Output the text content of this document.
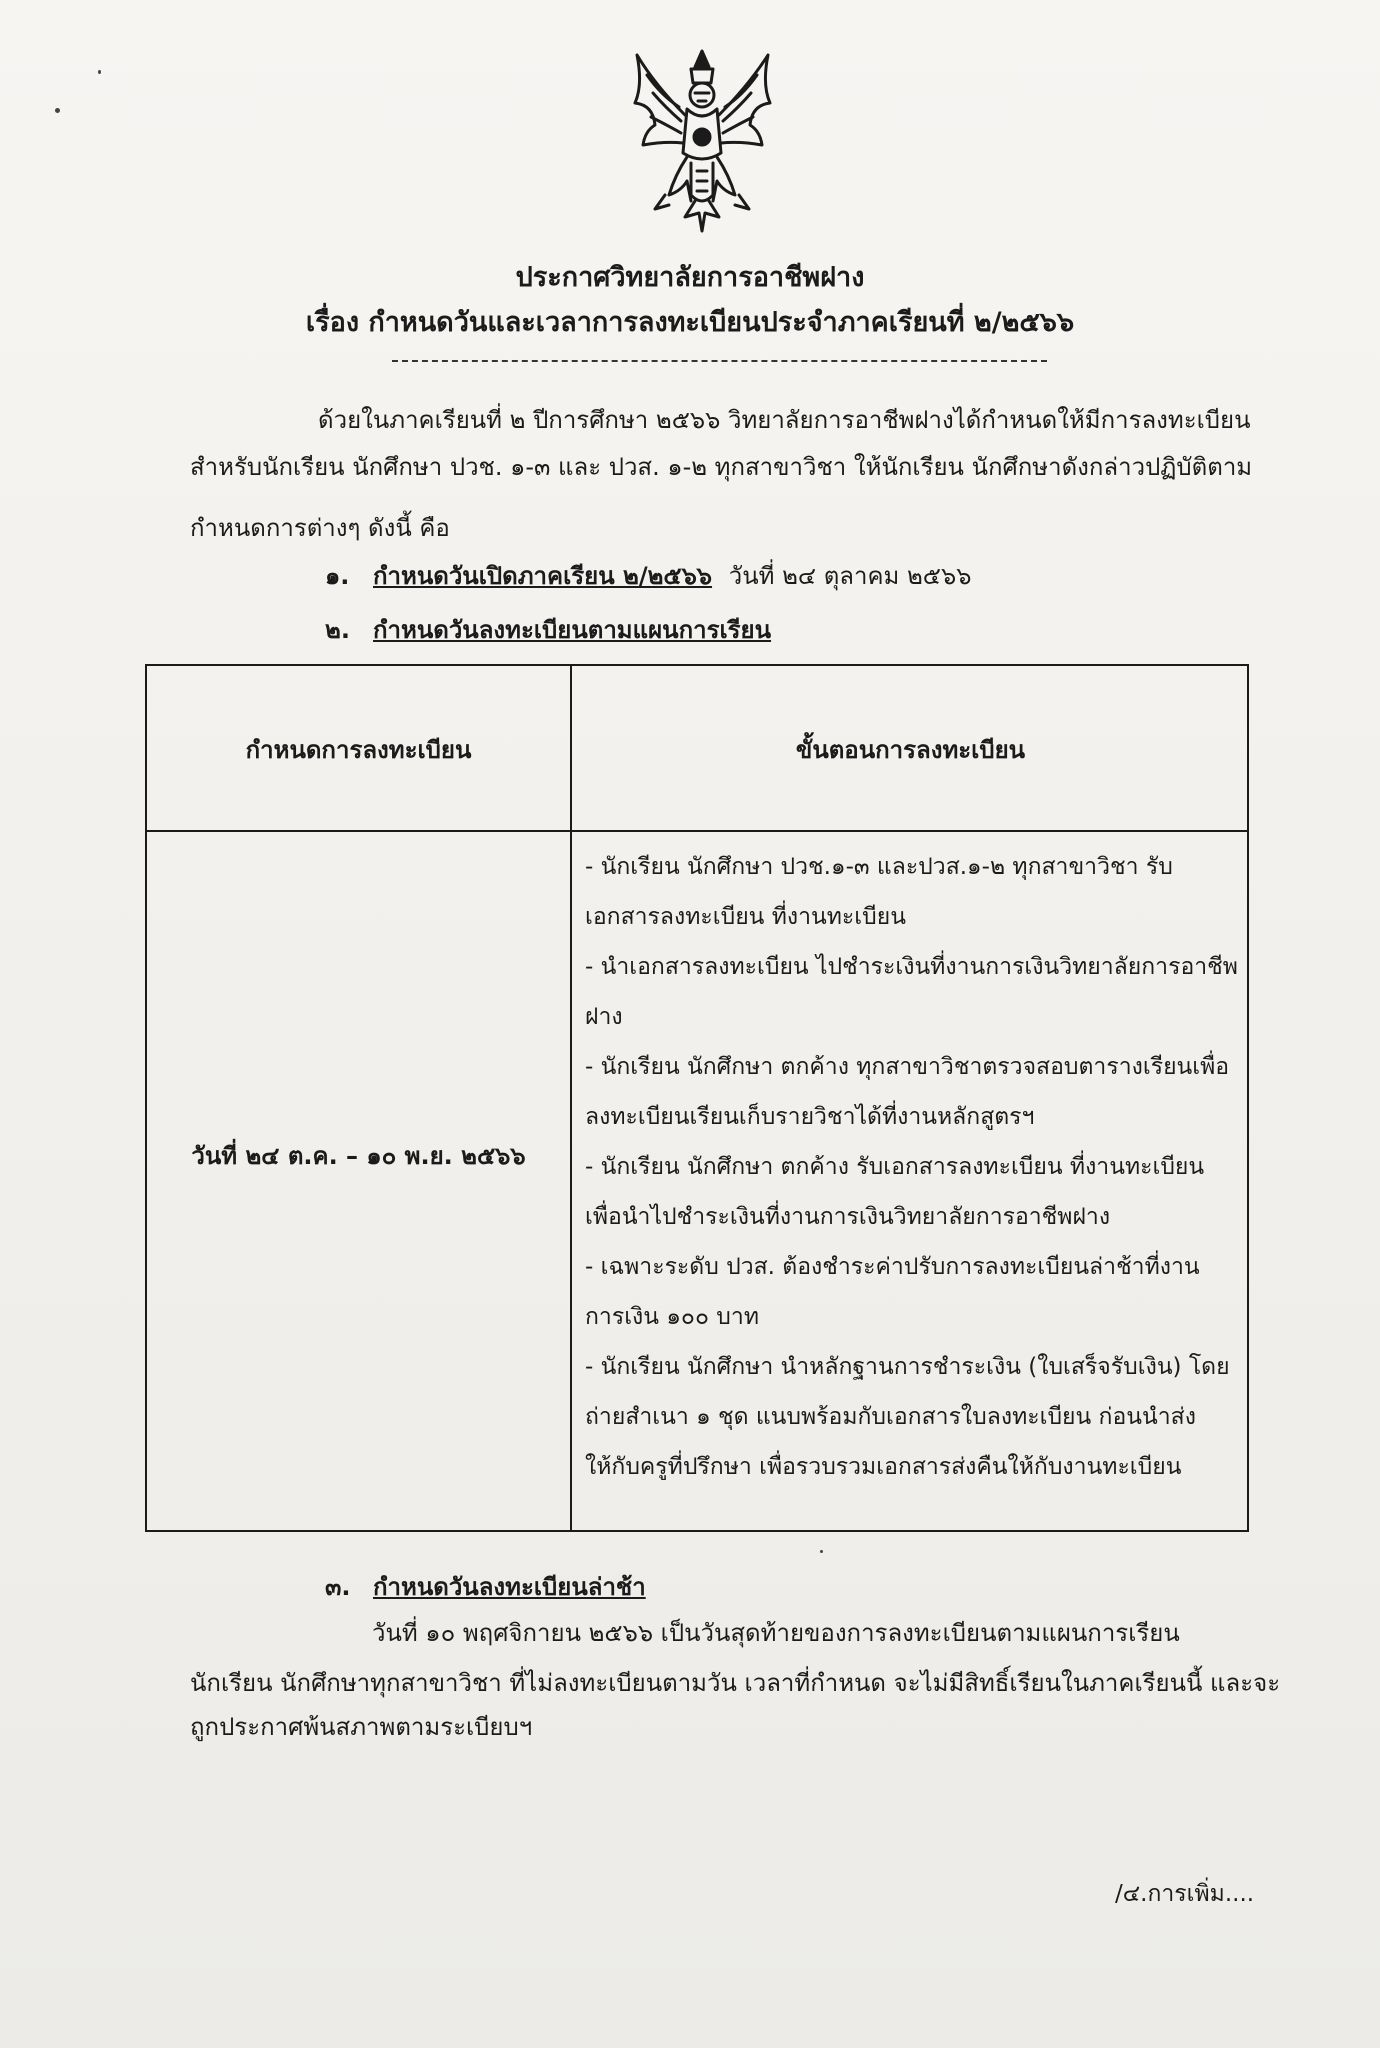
ประกาศวิทยาลัยการอาชีพฝาง
เรื่อง กำหนดวันและเวลาการลงทะเบียนประจำภาคเรียนที่ ๒/๒๕๖๖
ด้วยในภาคเรียนที่ ๒ ปีการศึกษา ๒๕๖๖ วิทยาลัยการอาชีพฝางได้กำหนดให้มีการลงทะเบียน
สำหรับนักเรียน นักศึกษา ปวช. ๑-๓ และ ปวส. ๑-๒ ทุกสาขาวิชา ให้นักเรียน นักศึกษาดังกล่าวปฏิบัติตาม
กำหนดการต่างๆ ดังนี้ คือ
๑. กำหนดวันเปิดภาคเรียน ๒/๒๕๖๖ วันที่ ๒๔ ตุลาคม ๒๕๖๖
๒. กำหนดวันลงทะเบียนตามแผนการเรียน
กำหนดการลงทะเบียน	ขั้นตอนการลงทะเบียน
วันที่ ๒๔ ต.ค. – ๑๐ พ.ย. ๒๕๖๖
- นักเรียน นักศึกษา ปวช.๑-๓ และปวส.๑-๒ ทุกสาขาวิชา รับ
เอกสารลงทะเบียน ที่งานทะเบียน
- นำเอกสารลงทะเบียน ไปชำระเงินที่งานการเงินวิทยาลัยการอาชีพ
ฝาง
- นักเรียน นักศึกษา ตกค้าง ทุกสาขาวิชาตรวจสอบตารางเรียนเพื่อ
ลงทะเบียนเรียนเก็บรายวิชาได้ที่งานหลักสูตรฯ
- นักเรียน นักศึกษา ตกค้าง รับเอกสารลงทะเบียน ที่งานทะเบียน
เพื่อนำไปชำระเงินที่งานการเงินวิทยาลัยการอาชีพฝาง
- เฉพาะระดับ ปวส. ต้องชำระค่าปรับการลงทะเบียนล่าช้าที่งาน
การเงิน ๑๐๐ บาท
- นักเรียน นักศึกษา นำหลักฐานการชำระเงิน (ใบเสร็จรับเงิน) โดย
ถ่ายสำเนา ๑ ชุด แนบพร้อมกับเอกสารใบลงทะเบียน ก่อนนำส่ง
ให้กับครูที่ปรึกษา เพื่อรวบรวมเอกสารส่งคืนให้กับงานทะเบียน
๓. กำหนดวันลงทะเบียนล่าช้า
วันที่ ๑๐ พฤศจิกายน ๒๕๖๖ เป็นวันสุดท้ายของการลงทะเบียนตามแผนการเรียน
นักเรียน นักศึกษาทุกสาขาวิชา ที่ไม่ลงทะเบียนตามวัน เวลาที่กำหนด จะไม่มีสิทธิ์เรียนในภาคเรียนนี้ และจะ
ถูกประกาศพ้นสภาพตามระเบียบฯ
/๔.การเพิ่ม....
